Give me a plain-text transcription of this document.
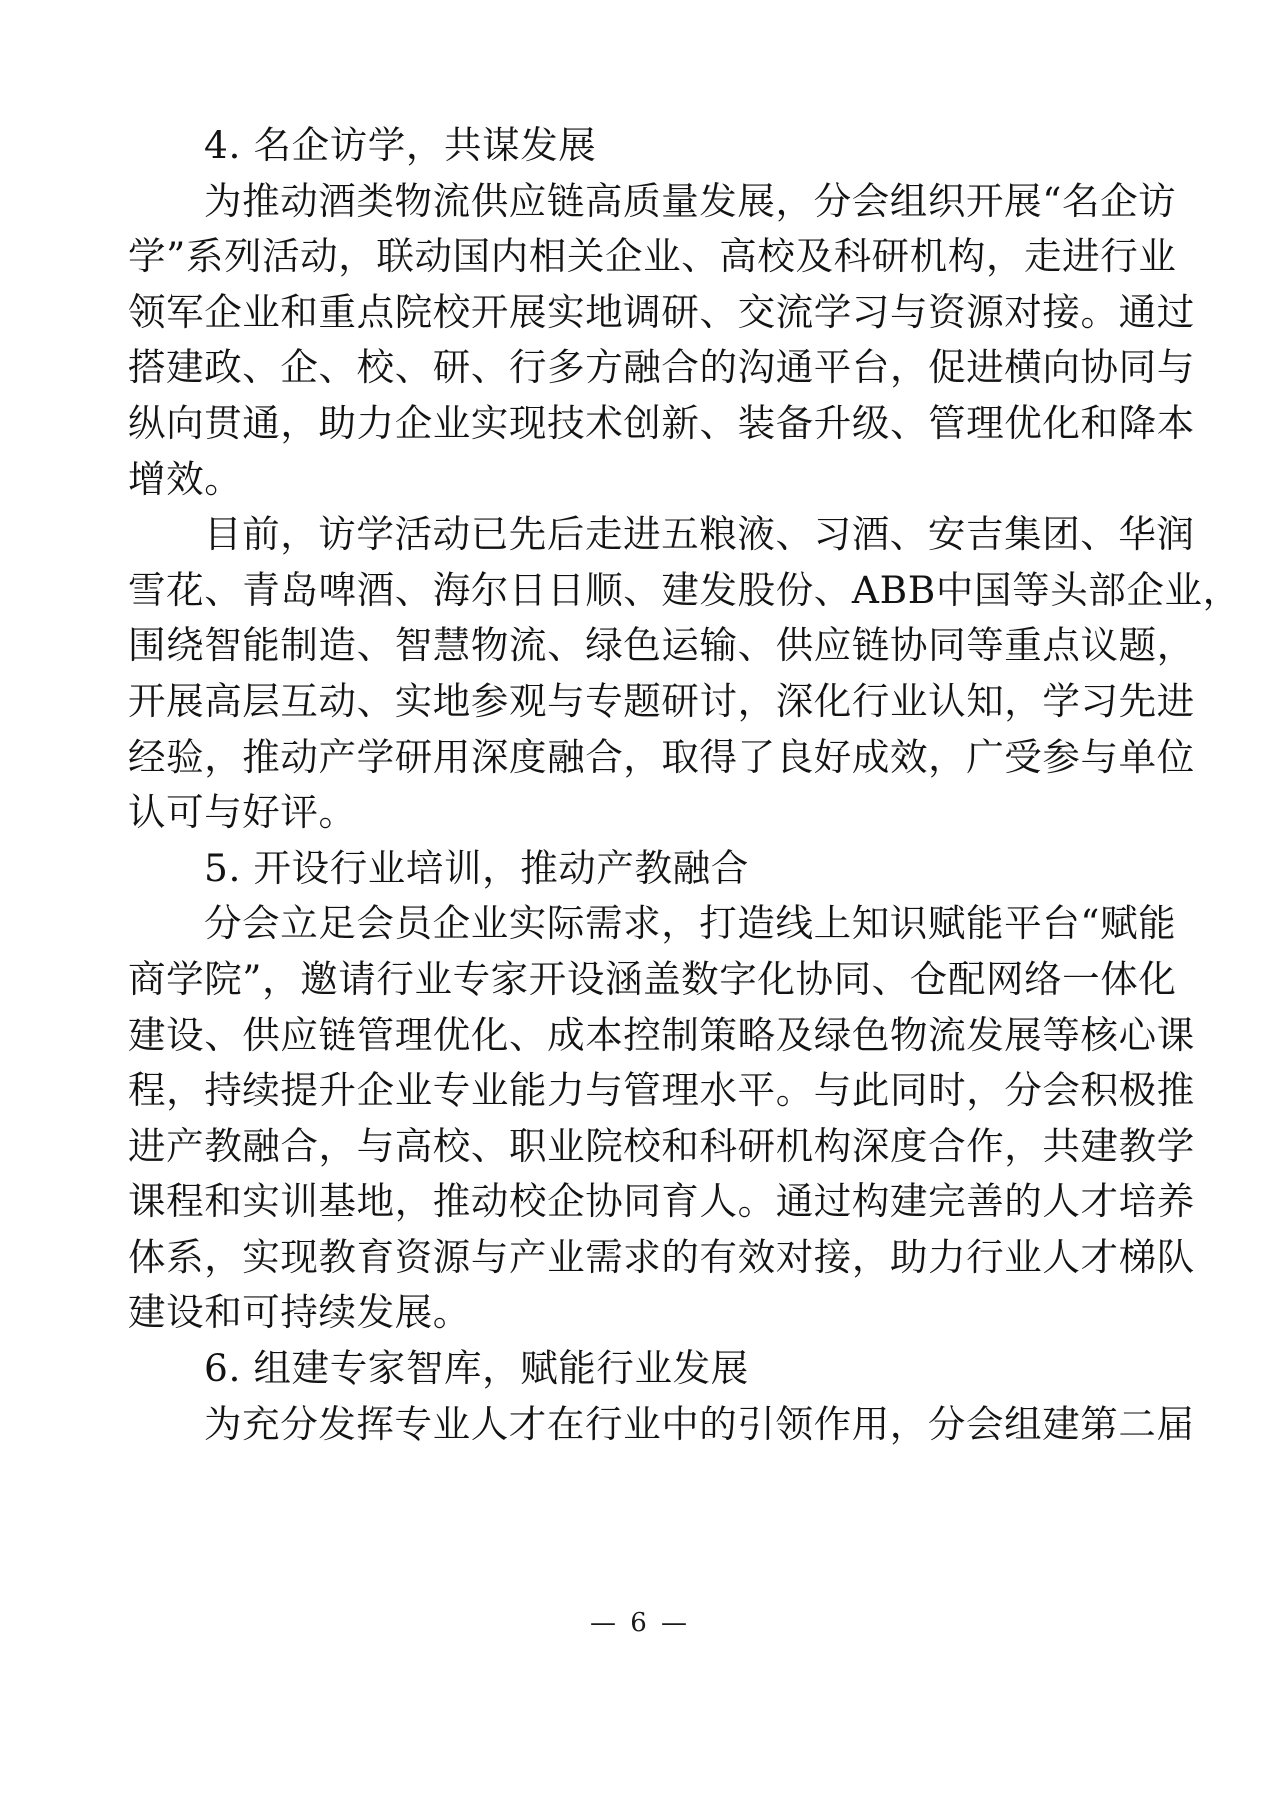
4. 名企访学，共谋发展
为推动酒类物流供应链高质量发展，分会组织开展“名企访
学”系列活动，联动国内相关企业、高校及科研机构，走进行业
领军企业和重点院校开展实地调研、交流学习与资源对接。通过
搭建政、企、校、研、行多方融合的沟通平台，促进横向协同与
纵向贯通，助力企业实现技术创新、装备升级、管理优化和降本
增效。
目前，访学活动已先后走进五粮液、习酒、安吉集团、华润
雪花、青岛啤酒、海尔日日顺、建发股份、ABB中国等头部企业，
围绕智能制造、智慧物流、绿色运输、供应链协同等重点议题，
开展高层互动、实地参观与专题研讨，深化行业认知，学习先进
经验，推动产学研用深度融合，取得了良好成效，广受参与单位
认可与好评。
5. 开设行业培训，推动产教融合
分会立足会员企业实际需求，打造线上知识赋能平台“赋能
商学院”，邀请行业专家开设涵盖数字化协同、仓配网络一体化
建设、供应链管理优化、成本控制策略及绿色物流发展等核心课
程，持续提升企业专业能力与管理水平。与此同时，分会积极推
进产教融合，与高校、职业院校和科研机构深度合作，共建教学
课程和实训基地，推动校企协同育人。通过构建完善的人才培养
体系，实现教育资源与产业需求的有效对接，助力行业人才梯队
建设和可持续发展。
6. 组建专家智库，赋能行业发展
为充分发挥专业人才在行业中的引领作用，分会组建第二届
— 6 —
